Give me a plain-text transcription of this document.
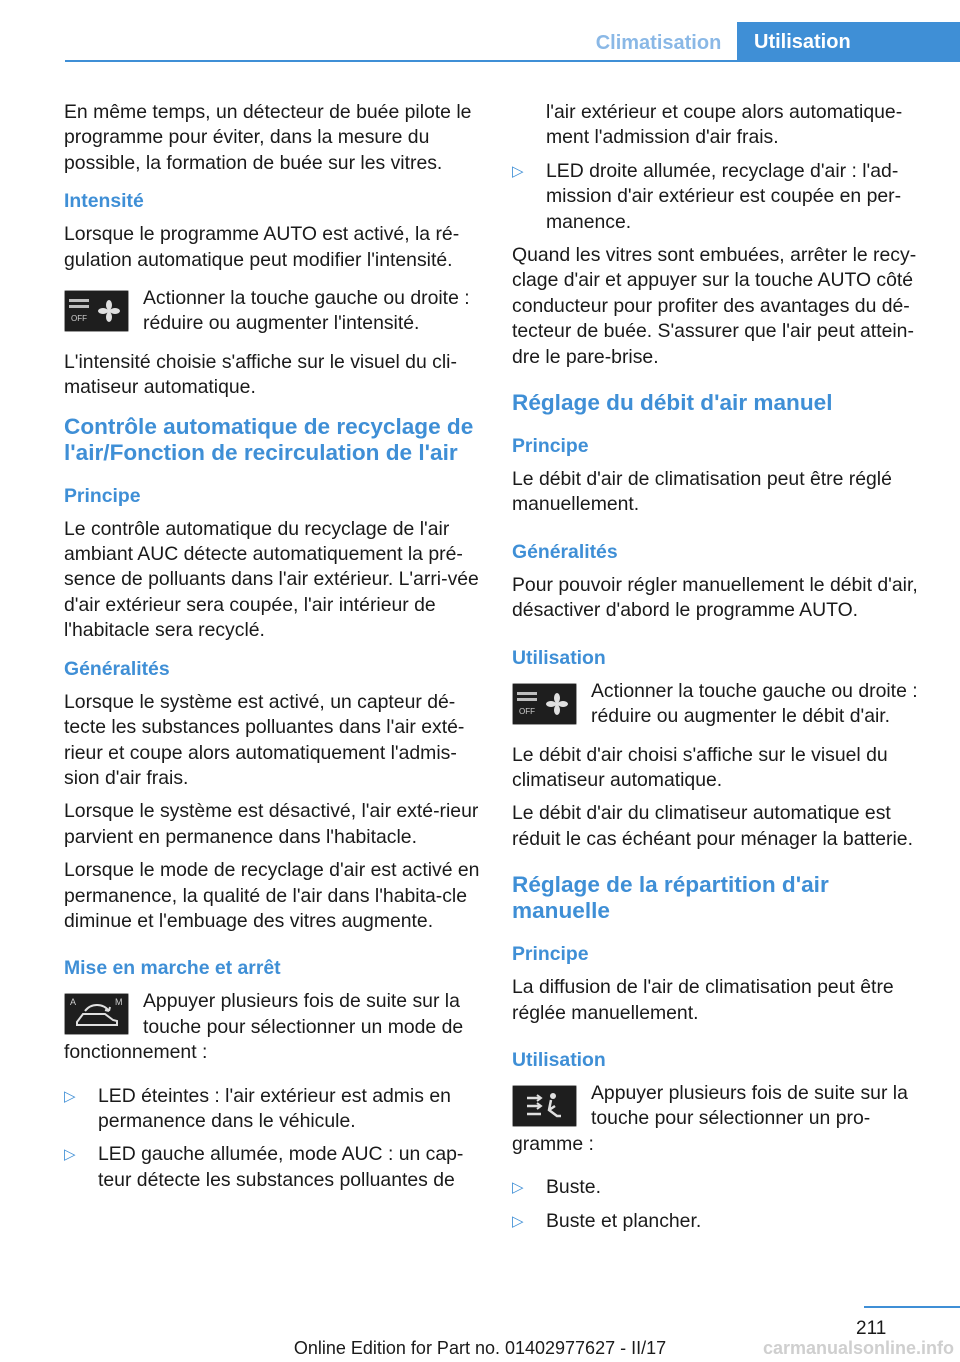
Climatisation	Utilisation

En même temps, un détecteur de buée pilote le programme pour éviter, dans la mesure du possible, la formation de buée sur les vitres.

Intensité

Lorsque le programme AUTO est activé, la ré-gulation automatique peut modifier l'intensité.

OFF
Actionner la touche gauche ou droite : réduire ou augmenter l'intensité.

L'intensité choisie s'affiche sur le visuel du cli-matiseur automatique.

Contrôle automatique de recyclage de l'air/Fonction de recirculation de l'air
Principe

Le contrôle automatique du recyclage de l'air ambiant AUC détecte automatiquement la pré-sence de polluants dans l'air extérieur. L'arri-vée d'air extérieur sera coupée, l'air intérieur de l'habitacle sera recyclé.

Généralités

Lorsque le système est activé, un capteur dé-tecte les substances polluantes dans l'air exté-rieur et coupe alors automatiquement l'admis-sion d'air frais.

Lorsque le système est désactivé, l'air exté-rieur parvient en permanence dans l'habitacle.

Lorsque le mode de recyclage d'air est activé en permanence, la qualité de l'air dans l'habita-cle diminue et l'embuage des vitres augmente.

Mise en marche et arrêt
A	M	Appuyer plusieurs fois de suite sur la touche pour sélectionner un mode de fonctionnement :
▷ LED éteintes : l'air extérieur est admis en permanence dans le véhicule.
▷ LED gauche allumée, mode AUC : un cap-teur détecte les substances polluantes de
l'air extérieur et coupe alors automatique-ment l'admission d'air frais.
▷ LED droite allumée, recyclage d'air : l'ad-mission d'air extérieur est coupée en per-manence.

Quand les vitres sont embuées, arrêter le recy-clage d'air et appuyer sur la touche AUTO côté conducteur pour profiter des avantages du dé-tecteur de buée. S'assurer que l'air peut attein-dre le pare-brise.

Réglage du débit d'air manuel
Principe

Le débit d'air de climatisation peut être réglé manuellement.

Généralités

Pour pouvoir régler manuellement le débit d'air, désactiver d'abord le programme AUTO.

Utilisation
OFF
Actionner la touche gauche ou droite : réduire ou augmenter le débit d'air.

Le débit d'air choisi s'affiche sur le visuel du climatiseur automatique.

Le débit d'air du climatiseur automatique est réduit le cas échéant pour ménager la batterie.

Réglage de la répartition d'air manuelle
Principe

La diffusion de l'air de climatisation peut être réglée manuellement.

Utilisation
Appuyer plusieurs fois de suite sur la touche pour sélectionner un pro-gramme :
▷ Buste.
▷ Buste et plancher.
211
Online Edition for Part no. 01402977627 - II/17	carmanualsonline.info
